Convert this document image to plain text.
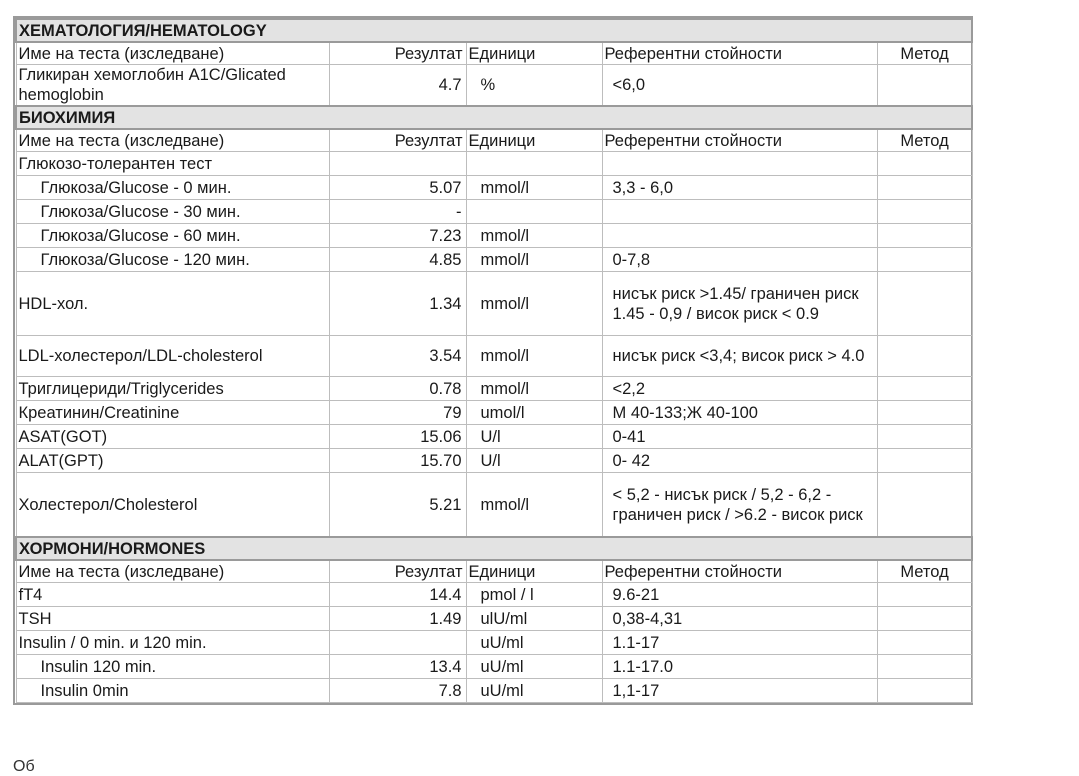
ХЕМАТОЛОГИЯ/HEMATOLOGY				
Име на теста (изследване)	Резултат	Единици	Референтни стойности	Метод
Гликиран хемоглобин А1С/Glicated hemoglobin	4.7	%	<6,0	

БИОХИМИЯ				
Име на теста (изследване)	Резултат	Единици	Референтни стойности	Метод
Глюкозо-толерантен тест			

Глюкоза/Glucose - 0 мин.	5.07	mmol/l	3,3 - 6,0	

Глюкоза/Glucose - 30 мин.	-		

Глюкоза/Glucose - 60 мин.	7.23	mmol/l	

Глюкоза/Glucose - 120 мин.	4.85	mmol/l	0-7,8	

HDL-хол.	1.34	mmol/l	нисък риск >1.45/ граничен риск 1.45 - 0,9 / висок риск < 0.9	

LDL-холестерол/LDL-cholesterol	3.54	mmol/l	нисък риск <3,4; висок риск > 4.0	

Триглицериди/Triglycerides	0.78	mmol/l	<2,2	

Креатинин/Creatinine	79	umol/l	М 40-133;Ж 40-100	

ASAT(GOT)	15.06	U/l	0-41	

ALAT(GPT)	15.70	U/l	0- 42	

Холестерол/Cholesterol	5.21	mmol/l	< 5,2 - нисък риск / 5,2 - 6,2 - граничен риск / >6.2 - висок риск	

ХОРМОНИ/HORMONES				
Име на теста (изследване)	Резултат	Единици	Референтни стойности	Метод
fT4	14.4	pmol / l	9.6-21	

TSH	1.49	ulU/ml	0,38-4,31	

Insulin / 0 min. и 120 min.		uU/ml	1.1-17	

Insulin 120 min.	13.4	uU/ml	1.1-17.0	

Insulin 0min	7.8	uU/ml	1,1-17	

Об
